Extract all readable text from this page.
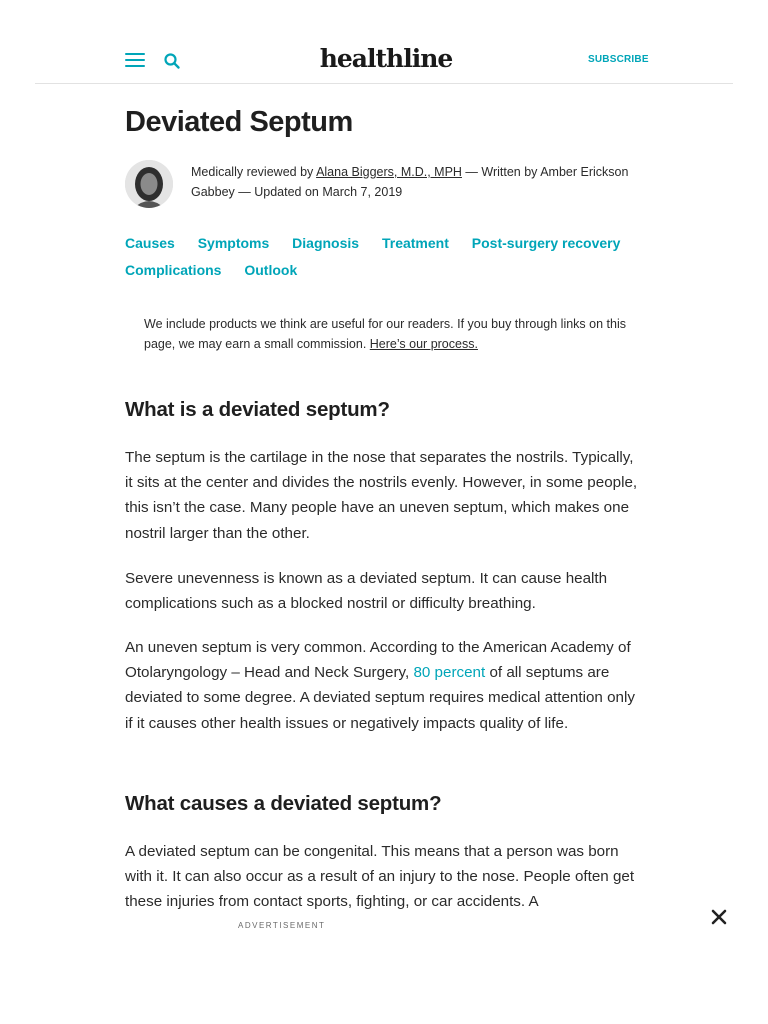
healthline	SUBSCRIBE
Deviated Septum
Medically reviewed by Alana Biggers, M.D., MPH — Written by Amber Erickson Gabbey — Updated on March 7, 2019
Causes Symptoms Diagnosis Treatment Post-surgery recovery
Complications Outlook
We include products we think are useful for our readers. If you buy through links on this page, we may earn a small commission. Here’s our process.
What is a deviated septum?

The septum is the cartilage in the nose that separates the nostrils. Typically, it sits at the center and divides the nostrils evenly. However, in some people, this isn’t the case. Many people have an uneven septum, which makes one nostril larger than the other.

Severe unevenness is known as a deviated septum. It can cause health complications such as a blocked nostril or difficulty breathing.

An uneven septum is very common. According to the American Academy of Otolaryngology – Head and Neck Surgery, 80 percent of all septums are deviated to some degree. A deviated septum requires medical attention only if it causes other health issues or negatively impacts quality of life.

What causes a deviated septum?

A deviated septum can be congenital. This means that a person was born with it. It can also occur as a result of an injury to the nose. People often get these injuries from contact sports, fighting, or car accidents. A

ADVERTISEMENT
